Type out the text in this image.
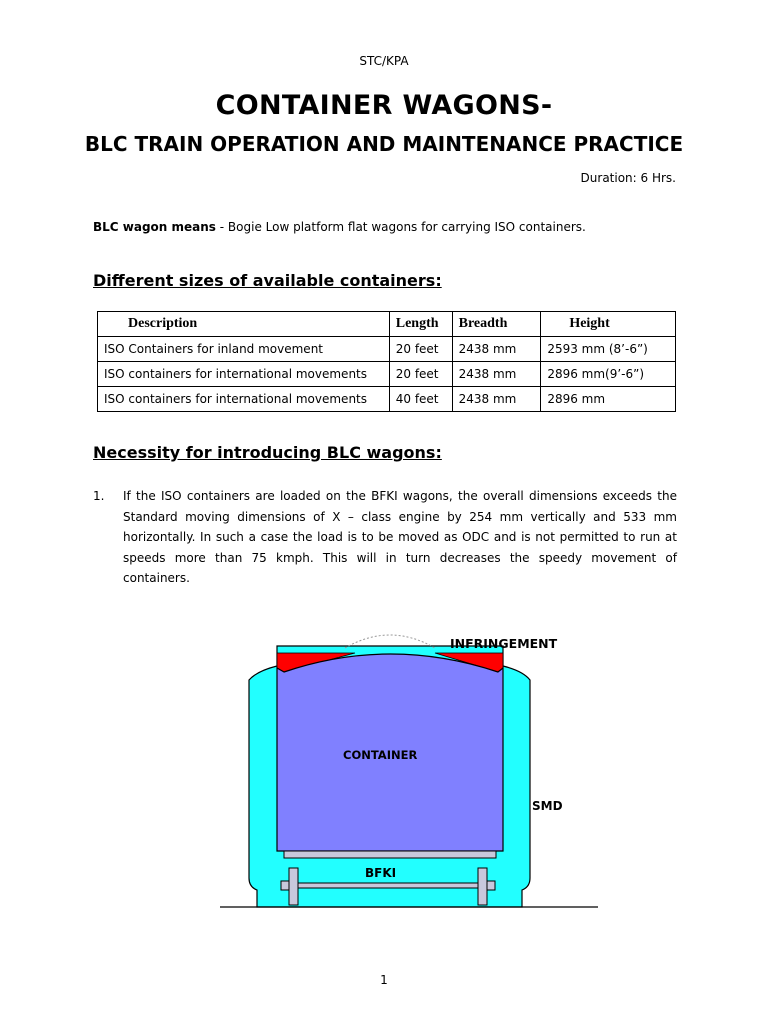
STC/KPA
CONTAINER WAGONS-
BLC TRAIN OPERATION AND MAINTENANCE PRACTICE
Duration: 6 Hrs.
BLC wagon means - Bogie Low platform flat wagons for carrying ISO containers.
Different sizes of available containers:
Description	Length	Breadth	Height
ISO Containers for inland movement	20 feet	2438 mm	2593 mm (8’-6”)
ISO containers for international movements	20 feet	2438 mm	2896 mm(9’-6”)
ISO containers for international movements	40 feet	2438 mm	2896 mm
Necessity for introducing BLC wagons:
1. If the ISO containers are loaded on the BFKI wagons, the overall dimensions exceeds the Standard moving dimensions of X – class engine by 254 mm vertically and 533 mm horizontally. In such a case the load is to be moved as ODC and is not permitted to run at speeds more than 75 kmph. This will in turn decreases the speedy movement of containers.
INFRINGEMENT
CONTAINER
SMD
BFKI
1
